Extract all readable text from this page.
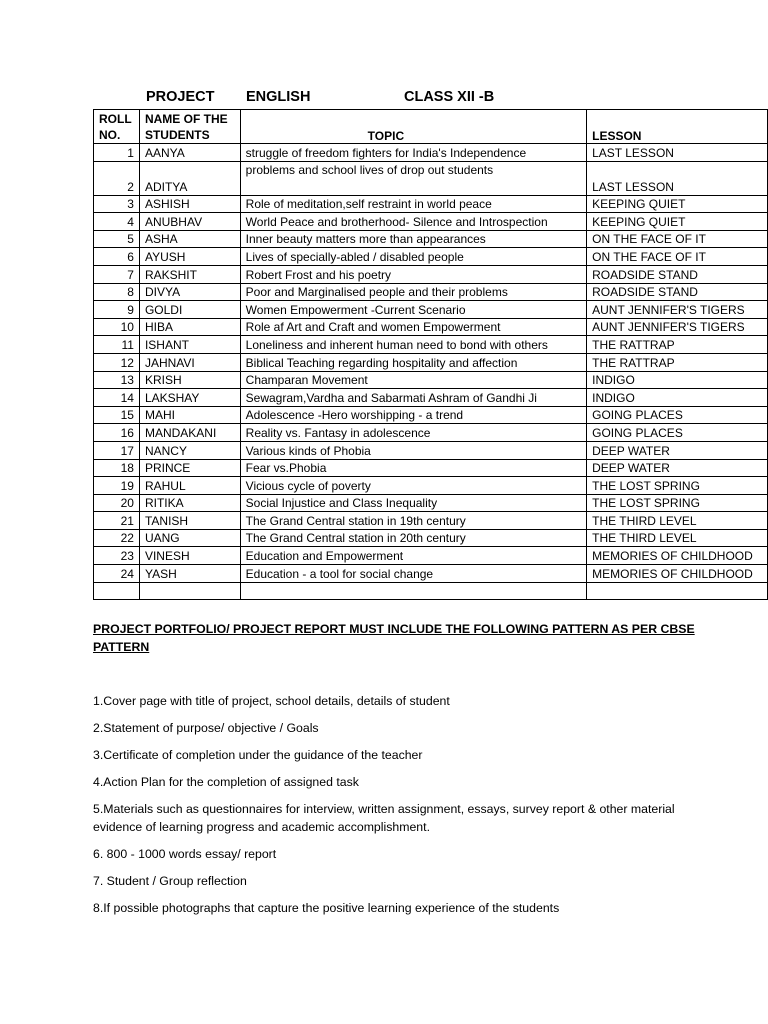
PROJECT ENGLISH	CLASS XII -B
ROLL NO.	NAME OF THE STUDENTS	TOPIC	LESSON
1	AANYA	struggle of freedom fighters for India's Independence	LAST LESSON
2	ADITYA	problems and school lives of drop out students	LAST LESSON
3	ASHISH	Role of meditation,self restraint in world peace	KEEPING QUIET
4	ANUBHAV	World Peace and brotherhood- Silence and Introspection	KEEPING QUIET
5	ASHA	Inner beauty matters more than appearances	ON THE FACE OF IT
6	AYUSH	Lives of specially-abled / disabled people	ON THE FACE OF IT
7	RAKSHIT	Robert Frost and his poetry	ROADSIDE STAND
8	DIVYA	Poor and Marginalised people and their problems	ROADSIDE STAND
9	GOLDI	Women Empowerment -Current Scenario	AUNT JENNIFER'S TIGERS
10	HIBA	Role af Art and Craft and women Empowerment	AUNT JENNIFER'S TIGERS
11	ISHANT	Loneliness and inherent human need to bond with others	THE RATTRAP
12	JAHNAVI	Biblical Teaching regarding hospitality and affection	THE RATTRAP
13	KRISH	Champaran Movement	INDIGO
14	LAKSHAY	Sewagram,Vardha and Sabarmati Ashram of Gandhi Ji	INDIGO
15	MAHI	Adolescence -Hero worshipping - a trend	GOING PLACES
16	MANDAKANI	Reality vs. Fantasy in adolescence	GOING PLACES
17	NANCY	Various kinds of Phobia	DEEP WATER
18	PRINCE	Fear vs.Phobia	DEEP WATER
19	RAHUL	Vicious cycle of poverty	THE LOST SPRING
20	RITIKA	Social Injustice and Class Inequality	THE LOST SPRING
21	TANISH	The Grand Central station in 19th century	THE THIRD LEVEL
22	UANG	The Grand Central station in 20th century	THE THIRD LEVEL
23	VINESH	Education and Empowerment	MEMORIES OF CHILDHOOD
24	YASH	Education - a tool for social change	MEMORIES OF CHILDHOOD

PROJECT PORTFOLIO/ PROJECT REPORT MUST INCLUDE THE FOLLOWING PATTERN AS PER CBSE PATTERN

1.Cover page with title of project, school details, details of student

2.Statement of purpose/ objective / Goals

3.Certificate of completion under the guidance of the teacher

4.Action Plan for the completion of assigned task

5.Materials such as questionnaires for interview, written assignment, essays, survey report & other material evidence of learning progress and academic accomplishment.

6. 800 - 1000 words essay/ report

7. Student / Group reflection

8.If possible photographs that capture the positive learning experience of the students
